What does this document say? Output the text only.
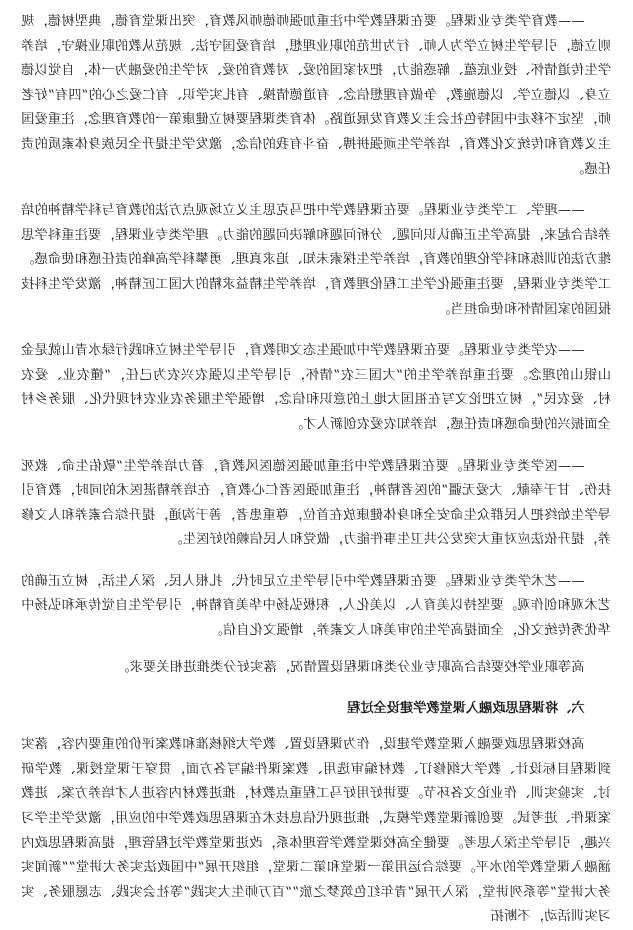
——教育学类专业课程。要在课程教学中注重加强师德师风教育，突出课堂育德，典型树德，规则立德，引导学生树立学为人师、行为世范的职业理想，培育爱国守法、规范从教的职业操守，培养学生传道情怀、授业底蕴、解惑能力，把对家国的爱、对教育的爱、对学生的爱融为一体，自觉以德立身、以德立学、以德施教，争做有理想信念、有道德情操、有扎实学识、有仁爱之心的“四有”好老师，坚定不移走中国特色社会主义教育发展道路。体育类课程要树立健康第一的教育理念，注重爱国主义教育和传统文化教育，培养学生顽强拼搏、奋斗有我的信念，激发学生提升全民族身体素质的责任感。

——理学、工学类专业课程。要在课程教学中把马克思主义立场观点方法的教育与科学精神的培养结合起来，提高学生正确认识问题、分析问题和解决问题的能力。理学类专业课程，要注重科学思维方法的训练和科学伦理的教育，培养学生探索未知、追求真理、勇攀科学高峰的责任感和使命感。工学类专业课程，要注重强化学生工程伦理教育，培养学生精益求精的大国工匠精神，激发学生科技报国的家国情怀和使命担当。

——农学类专业课程。要在课程教学中加强生态文明教育，引导学生树立和践行绿水青山就是金山银山的理念。要注重培养学生的“大国三农”情怀，引导学生以强农兴农为己任，“懂农业、爱农村、爱农民”，树立把论文写在祖国大地上的意识和信念，增强学生服务农业农村现代化、服务乡村全面振兴的使命感和责任感，培养知农爱农创新人才。

——医学类专业课程。要在课程教学中注重加强医德医风教育，着力培养学生“敬佑生命、救死扶伤、甘于奉献、大爱无疆”的医者精神，注重加强医者仁心教育，在培养精湛医术的同时，教育引导学生始终把人民群众生命安全和身体健康放在首位，尊重患者，善于沟通，提升综合素养和人文修养，提升依法应对重大突发公共卫生事件能力，做党和人民信赖的好医生。

——艺术学类专业课程。要在课程教学中引导学生立足时代、扎根人民、深入生活，树立正确的艺术观和创作观。要坚持以美育人、以美化人，积极弘扬中华美育精神，引导学生自觉传承和弘扬中华优秀传统文化，全面提高学生的审美和人文素养，增强文化自信。

高等职业学校要结合高职专业分类和课程设置情况，落实好分类推进相关要求。

六、将课程思政融入课堂教学建设全过程

高校课程思政要融入课堂教学建设，作为课程设置、教学大纲核准和教案评价的重要内容，落实到课程目标设计、教学大纲修订、教材编审选用、教案课件编写各方面，贯穿于课堂授课、教学研讨、实验实训、作业论文各环节。要讲好用好马工程重点教材，推进教材内容进人才培养方案、进教案课件、进考试。要创新课堂教学模式，推进现代信息技术在课程思政教学中的应用，激发学生学习兴趣，引导学生深入思考。要健全高校课堂教学管理体系，改进课堂教学过程管理，提高课程思政内涵融入课堂教学的水平。要综合运用第一课堂和第二课堂，组织开展“中国政法实务大讲堂”“新闻实务大讲堂”等系列讲堂，深入开展“青年红色筑梦之旅”“百万师生大实践”等社会实践、志愿服务、实习实训活动，不断拓
